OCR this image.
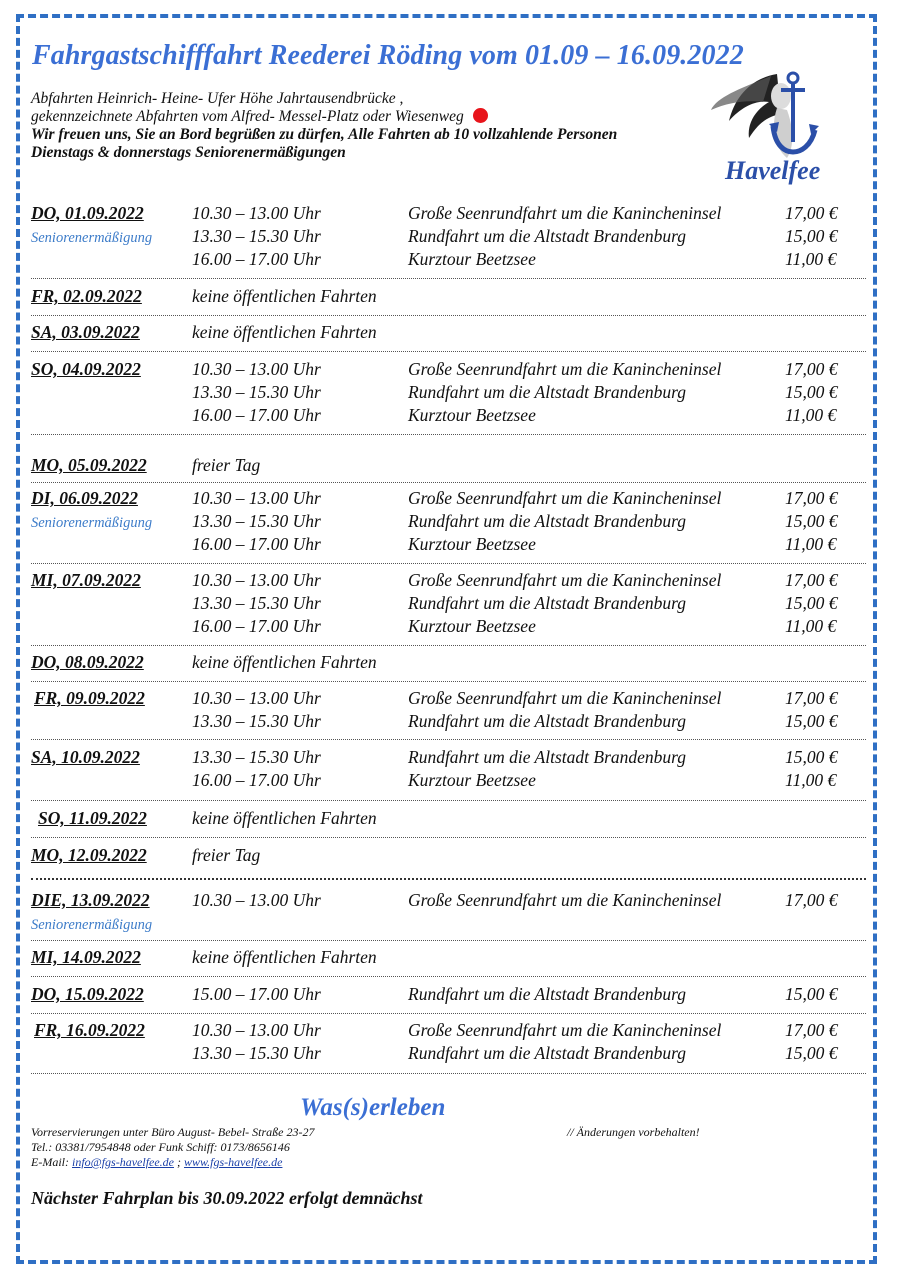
Fahrgastschifffahrt Reederei Röding vom 01.09 – 16.09.2022
Abfahrten Heinrich- Heine- Ufer Höhe Jahrtausendbrücke ,
gekennzeichnete Abfahrten vom Alfred- Messel-Platz oder Wiesenweg
Wir freuen uns, Sie an Bord begrüßen zu dürfen, Alle Fahrten ab 10 vollzahlende Personen
Dienstags & donnerstags Seniorenermäßigungen
Havelfee
DO, 01.09.2022
Seniorenermäßigung
10.30 – 13.00 Uhr	Große Seenrundfahrt um die Kanincheninsel	17,00 €
13.30 – 15.30 Uhr	Rundfahrt um die Altstadt Brandenburg	15,00 €
16.00 – 17.00 Uhr	Kurztour Beetzsee	11,00 €
FR, 02.09.2022	keine öffentlichen Fahrten
SA, 03.09.2022	keine öffentlichen Fahrten
SO, 04.09.2022	10.30 – 13.00 Uhr	Große Seenrundfahrt um die Kanincheninsel	17,00 €
13.30 – 15.30 Uhr	Rundfahrt um die Altstadt Brandenburg	15,00 €
16.00 – 17.00 Uhr	Kurztour Beetzsee	11,00 €
MO, 05.09.2022	freier Tag
DI, 06.09.2022
Seniorenermäßigung
10.30 – 13.00 Uhr	Große Seenrundfahrt um die Kanincheninsel	17,00 €
13.30 – 15.30 Uhr	Rundfahrt um die Altstadt Brandenburg	15,00 €
16.00 – 17.00 Uhr	Kurztour Beetzsee	11,00 €
MI, 07.09.2022	10.30 – 13.00 Uhr	Große Seenrundfahrt um die Kanincheninsel	17,00 €
13.30 – 15.30 Uhr	Rundfahrt um die Altstadt Brandenburg	15,00 €
16.00 – 17.00 Uhr	Kurztour Beetzsee	11,00 €
DO, 08.09.2022	keine öffentlichen Fahrten
FR, 09.09.2022	10.30 – 13.00 Uhr	Große Seenrundfahrt um die Kanincheninsel	17,00 €
13.30 – 15.30 Uhr	Rundfahrt um die Altstadt Brandenburg	15,00 €
SA, 10.09.2022	13.30 – 15.30 Uhr	Rundfahrt um die Altstadt Brandenburg	15,00 €
16.00 – 17.00 Uhr	Kurztour Beetzsee	11,00 €
SO, 11.09.2022	keine öffentlichen Fahrten
MO, 12.09.2022	freier Tag
DIE, 13.09.2022
Seniorenermäßigung
10.30 – 13.00 Uhr	Große Seenrundfahrt um die Kanincheninsel	17,00 €
MI, 14.09.2022	keine öffentlichen Fahrten
DO, 15.09.2022	15.00 – 17.00 Uhr	Rundfahrt um die Altstadt Brandenburg	15,00 €
FR, 16.09.2022	10.30 – 13.00 Uhr	Große Seenrundfahrt um die Kanincheninsel	17,00 €
13.30 – 15.30 Uhr	Rundfahrt um die Altstadt Brandenburg	15,00 €
Was(s)erleben
Vorreservierungen unter Büro August- Bebel- Straße 23-27	// Änderungen vorbehalten!
Tel.: 03381/7954848 oder Funk Schiff: 0173/8656146
E-Mail: info@fgs-havelfee.de ; www.fgs-havelfee.de
Nächster Fahrplan bis 30.09.2022 erfolgt demnächst
